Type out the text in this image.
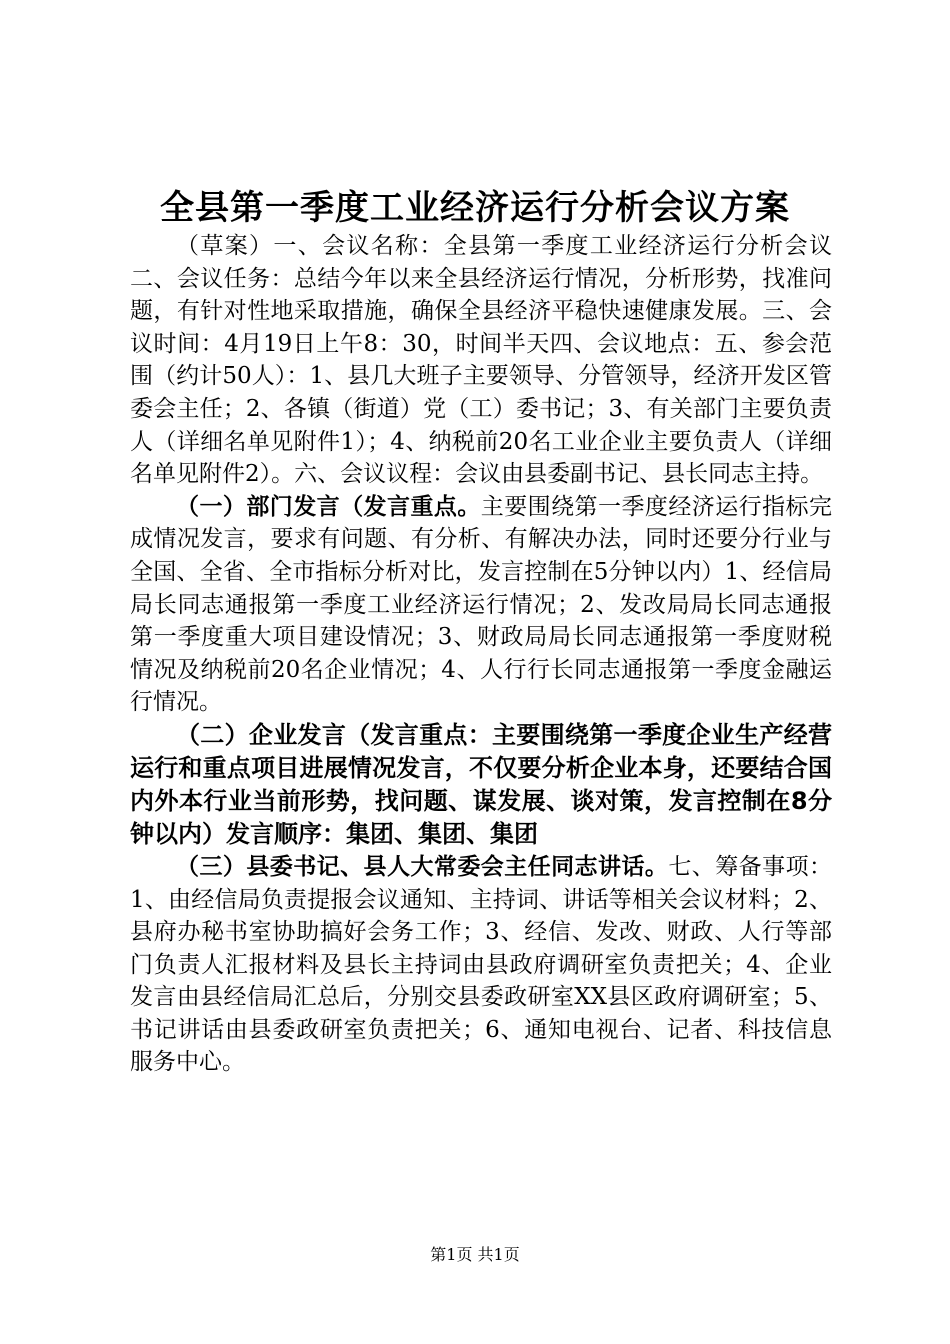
全县第一季度工业经济运行分析会议方案

（草案）一、会议名称：全县第一季度工业经济运行分析会议二、会议任务：总结今年以来全县经济运行情况，分析形势，找准问题，有针对性地采取措施，确保全县经济平稳快速健康发展。三、会议时间：4月19日上午8：30，时间半天四、会议地点：五、参会范围（约计50人）：1、县几大班子主要领导、分管领导，经济开发区管委会主任；2、各镇（街道）党（工）委书记；3、有关部门主要负责人（详细名单见附件1）；4、纳税前20名工业企业主要负责人（详细名单见附件2）。六、会议议程：会议由县委副书记、县长同志主持。

（一）部门发言（发言重点。主要围绕第一季度经济运行指标完成情况发言，要求有问题、有分析、有解决办法，同时还要分行业与全国、全省、全市指标分析对比，发言控制在5分钟以内）1、经信局局长同志通报第一季度工业经济运行情况；2、发改局局长同志通报第一季度重大项目建设情况；3、财政局局长同志通报第一季度财税情况及纳税前20名企业情况；4、人行行长同志通报第一季度金融运行情况。

（二）企业发言（发言重点：主要围绕第一季度企业生产经营运行和重点项目进展情况发言，不仅要分析企业本身，还要结合国内外本行业当前形势，找问题、谋发展、谈对策，发言控制在8分钟以内）发言顺序：集团、集团、集团

（三）县委书记、县人大常委会主任同志讲话。七、筹备事项：1、由经信局负责提报会议通知、主持词、讲话等相关会议材料；2、县府办秘书室协助搞好会务工作；3、经信、发改、财政、人行等部门负责人汇报材料及县长主持词由县政府调研室负责把关；4、企业发言由县经信局汇总后，分别交县委政研室XX县区政府调研室；5、书记讲话由县委政研室负责把关；6、通知电视台、记者、科技信息服务中心。

第1页 共1页
